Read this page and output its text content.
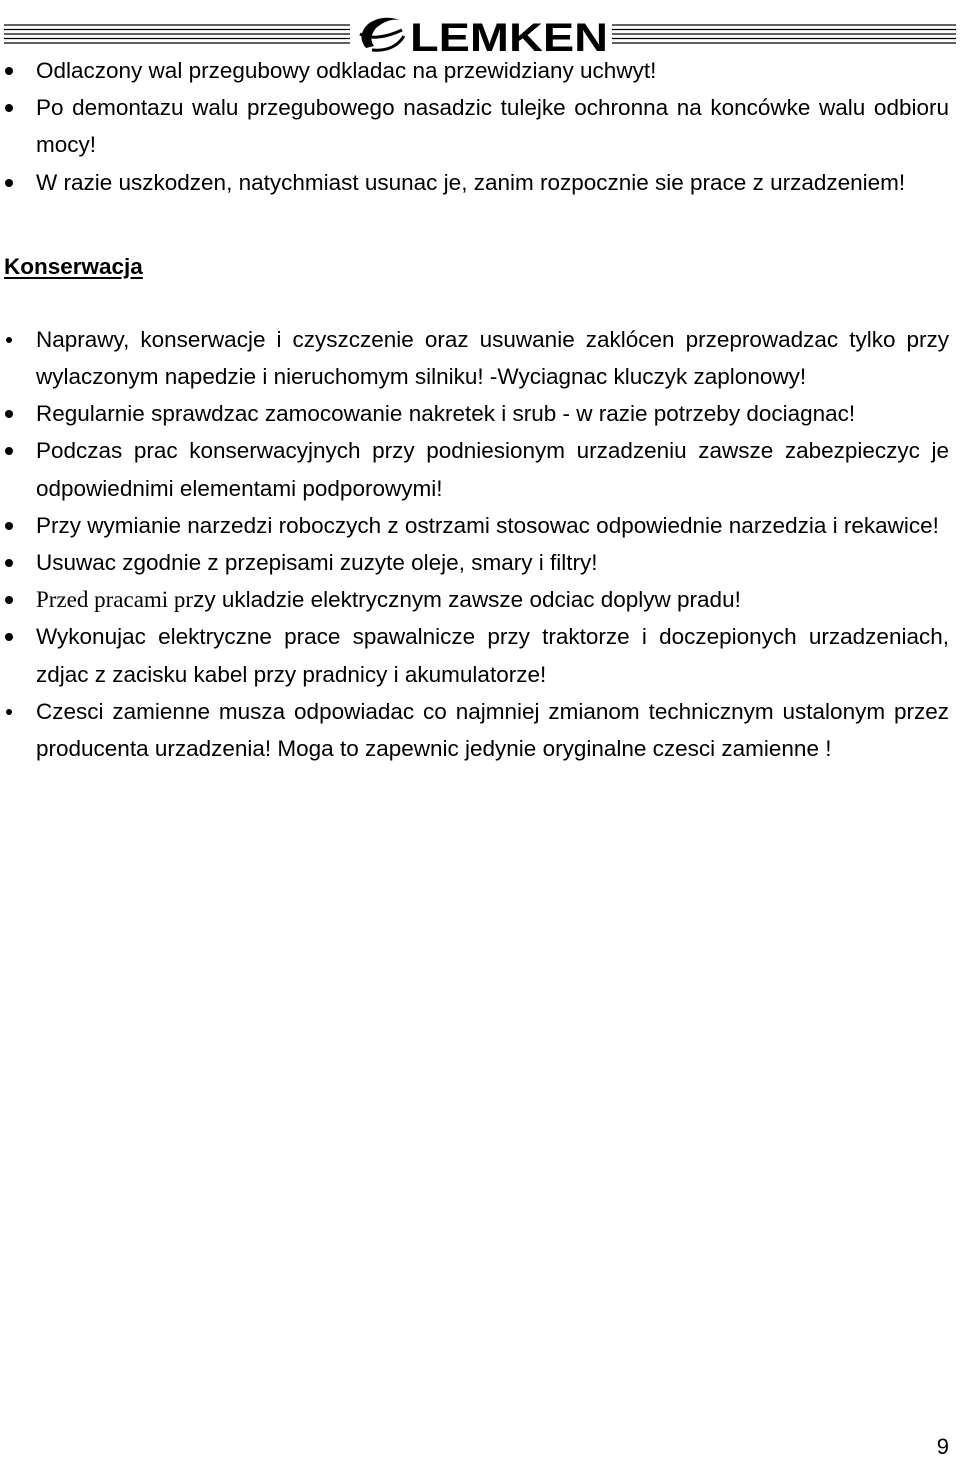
LEMKEN
Odlaczony wal przegubowy odkladac na przewidziany uchwyt!
Po demontazu walu przegubowego nasadzic tulejke ochronna na koncówke walu odbioru mocy!
W razie uszkodzen, natychmiast usunac je, zanim rozpocznie sie prace z urzadzeniem!
Konserwacja
Naprawy, konserwacje i czyszczenie oraz usuwanie zaklócen przeprowadzac tylko przy wylaczonym napedzie i nieruchomym silniku! -Wyciagnac kluczyk zaplonowy!
Regularnie sprawdzac zamocowanie nakretek i srub - w razie potrzeby dociagnac!
Podczas prac konserwacyjnych przy podniesionym urzadzeniu zawsze zabezpieczyc je odpowiednimi elementami podporowymi!
Przy wymianie narzedzi roboczych z ostrzami stosowac odpowiednie narzedzia i rekawice!
Usuwac zgodnie z przepisami zuzyte oleje, smary i filtry!
Przed pracami przy ukladzie elektrycznym zawsze odciac doplyw pradu!
Wykonujac elektryczne prace spawalnicze przy traktorze i doczepionych urzadzeniach, zdjac z zacisku kabel przy pradnicy i akumulatorze!
Czesci zamienne musza odpowiadac co najmniej zmianom technicznym ustalonym przez producenta urzadzenia! Moga to zapewnic jedynie oryginalne czesci zamienne !
9
